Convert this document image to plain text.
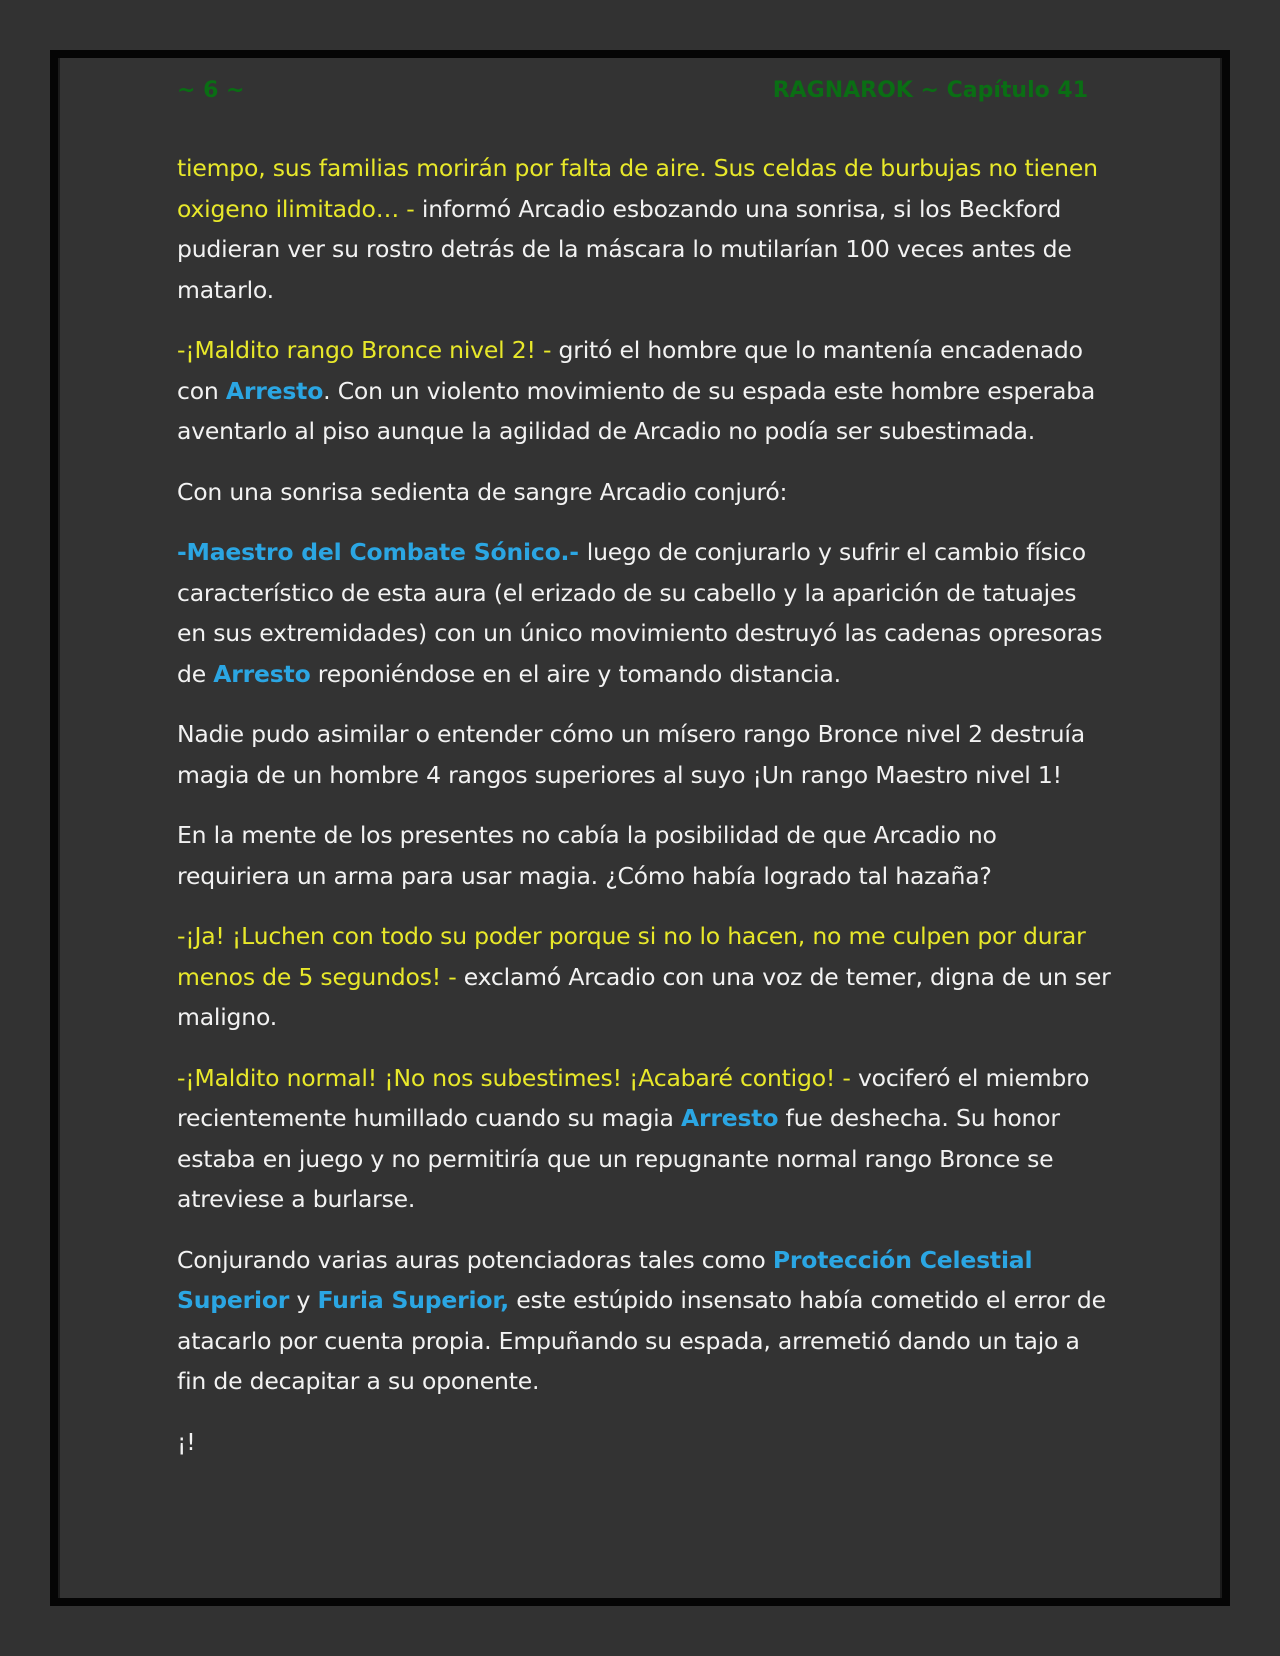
~ 6 ~	RAGNAROK ~ Capítulo 41

tiempo, sus familias morirán por falta de aire. Sus celdas de burbujas no tienen oxigeno ilimitado… - informó Arcadio esbozando una sonrisa, si los Beckford pudieran ver su rostro detrás de la máscara lo mutilarían 100 veces antes de matarlo.

-¡Maldito rango Bronce nivel 2! - gritó el hombre que lo mantenía encadenado con Arresto. Con un violento movimiento de su espada este hombre esperaba aventarlo al piso aunque la agilidad de Arcadio no podía ser subestimada.

Con una sonrisa sedienta de sangre Arcadio conjuró:

-Maestro del Combate Sónico.- luego de conjurarlo y sufrir el cambio físico característico de esta aura (el erizado de su cabello y la aparición de tatuajes en sus extremidades) con un único movimiento destruyó las cadenas opresoras de Arresto reponiéndose en el aire y tomando distancia.

Nadie pudo asimilar o entender cómo un mísero rango Bronce nivel 2 destruía magia de un hombre 4 rangos superiores al suyo ¡Un rango Maestro nivel 1!

En la mente de los presentes no cabía la posibilidad de que Arcadio no requiriera un arma para usar magia. ¿Cómo había logrado tal hazaña?

-¡Ja! ¡Luchen con todo su poder porque si no lo hacen, no me culpen por durar menos de 5 segundos! - exclamó Arcadio con una voz de temer, digna de un ser maligno.

-¡Maldito normal! ¡No nos subestimes! ¡Acabaré contigo! - vociferó el miembro recientemente humillado cuando su magia Arresto fue deshecha. Su honor estaba en juego y no permitiría que un repugnante normal rango Bronce se atreviese a burlarse.

Conjurando varias auras potenciadoras tales como Protección Celestial Superior y Furia Superior, este estúpido insensato había cometido el error de atacarlo por cuenta propia. Empuñando su espada, arremetió dando un tajo a fin de decapitar a su oponente.

¡!
